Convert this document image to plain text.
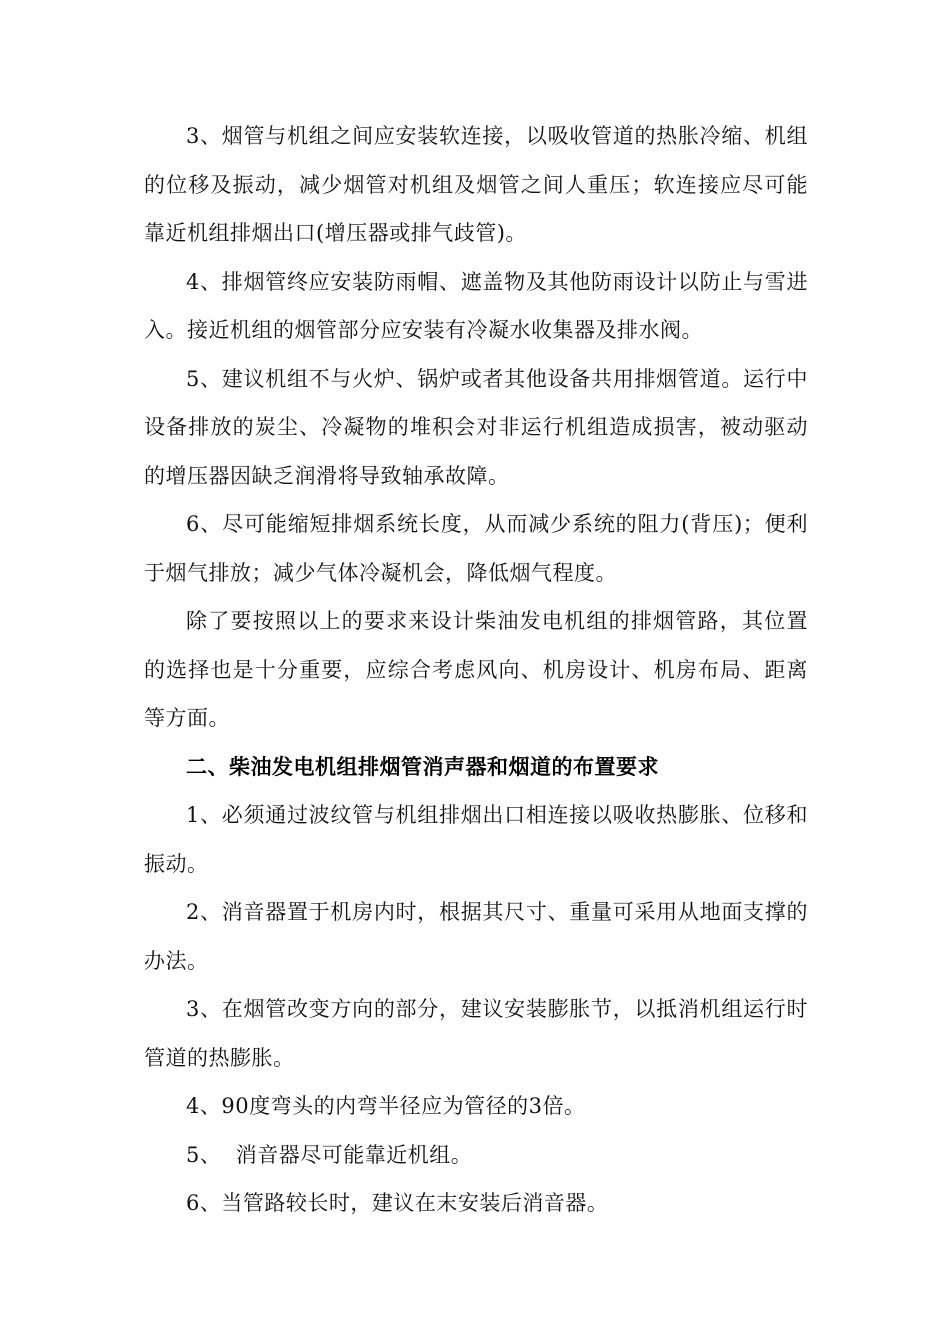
3、烟管与机组之间应安装软连接，以吸收管道的热胀冷缩、机组的位移及振动，减少烟管对机组及烟管之间人重压；软连接应尽可能靠近机组排烟出口(增压器或排气歧管)。

4、排烟管终应安装防雨帽、遮盖物及其他防雨设计以防止与雪进入。接近机组的烟管部分应安装有冷凝水收集器及排水阀。

5、建议机组不与火炉、锅炉或者其他设备共用排烟管道。运行中设备排放的炭尘、冷凝物的堆积会对非运行机组造成损害，被动驱动的增压器因缺乏润滑将导致轴承故障。

6、尽可能缩短排烟系统长度，从而减少系统的阻力(背压)；便利于烟气排放；减少气体冷凝机会，降低烟气程度。

除了要按照以上的要求来设计柴油发电机组的排烟管路，其位置的选择也是十分重要，应综合考虑风向、机房设计、机房布局、距离等方面。

二、柴油发电机组排烟管消声器和烟道的布置要求

1、必须通过波纹管与机组排烟出口相连接以吸收热膨胀、位移和振动。

2、消音器置于机房内时，根据其尺寸、重量可采用从地面支撑的办法。

3、在烟管改变方向的部分，建议安装膨胀节，以抵消机组运行时管道的热膨胀。

4、90度弯头的内弯半径应为管径的3倍。

5、  消音器尽可能靠近机组。

6、当管路较长时，建议在末安装后消音器。
